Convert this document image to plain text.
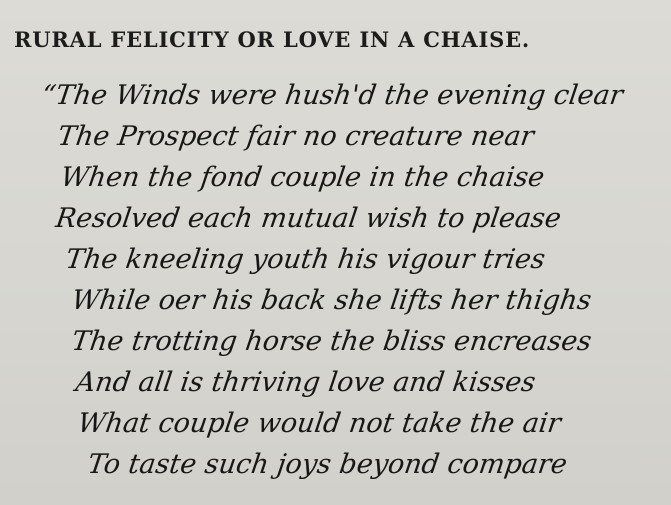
RURAL FELICITY OR LOVE IN A CHAISE.
“The Winds were hush'd the evening clear
The Prospect fair no creature near
When the fond couple in the chaise
Resolved each mutual wish to please
The kneeling youth his vigour tries
While oer his back she lifts her thighs
The trotting horse the bliss encreases
And all is thriving love and kisses
What couple would not take the air
To taste such joys beyond compare
